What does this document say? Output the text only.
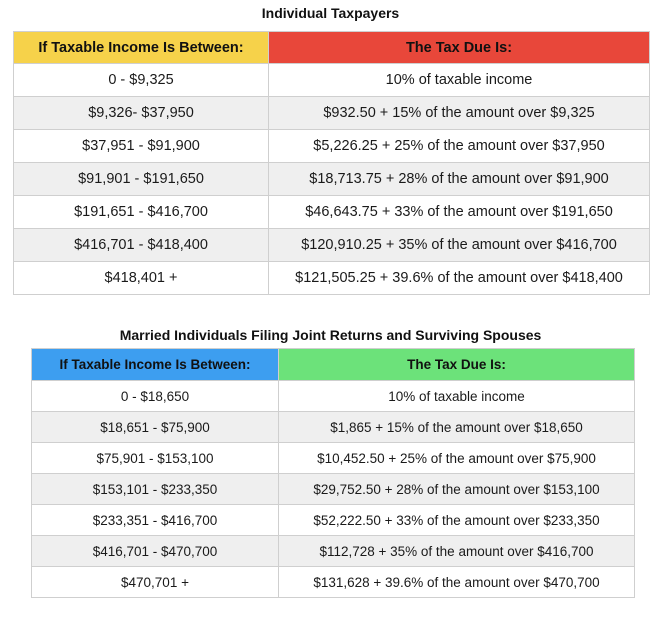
Individual Taxpayers
If Taxable Income Is Between:	The Tax Due Is:
0 - $9,325	10% of taxable income
$9,326- $37,950	$932.50 + 15% of the amount over $9,325
$37,951 - $91,900	$5,226.25 + 25% of the amount over $37,950
$91,901 - $191,650	$18,713.75 + 28% of the amount over $91,900
$191,651 - $416,700	$46,643.75 + 33% of the amount over $191,650
$416,701 - $418,400	$120,910.25 + 35% of the amount over $416,700
$418,401 +	$121,505.25 + 39.6% of the amount over $418,400
Married Individuals Filing Joint Returns and Surviving Spouses
If Taxable Income Is Between:	The Tax Due Is:
0 - $18,650	10% of taxable income
$18,651 - $75,900	$1,865 + 15% of the amount over $18,650
$75,901 - $153,100	$10,452.50 + 25% of the amount over $75,900
$153,101 - $233,350	$29,752.50 + 28% of the amount over $153,100
$233,351 - $416,700	$52,222.50 + 33% of the amount over $233,350
$416,701 - $470,700	$112,728 + 35% of the amount over $416,700
$470,701 +	$131,628 + 39.6% of the amount over $470,700
